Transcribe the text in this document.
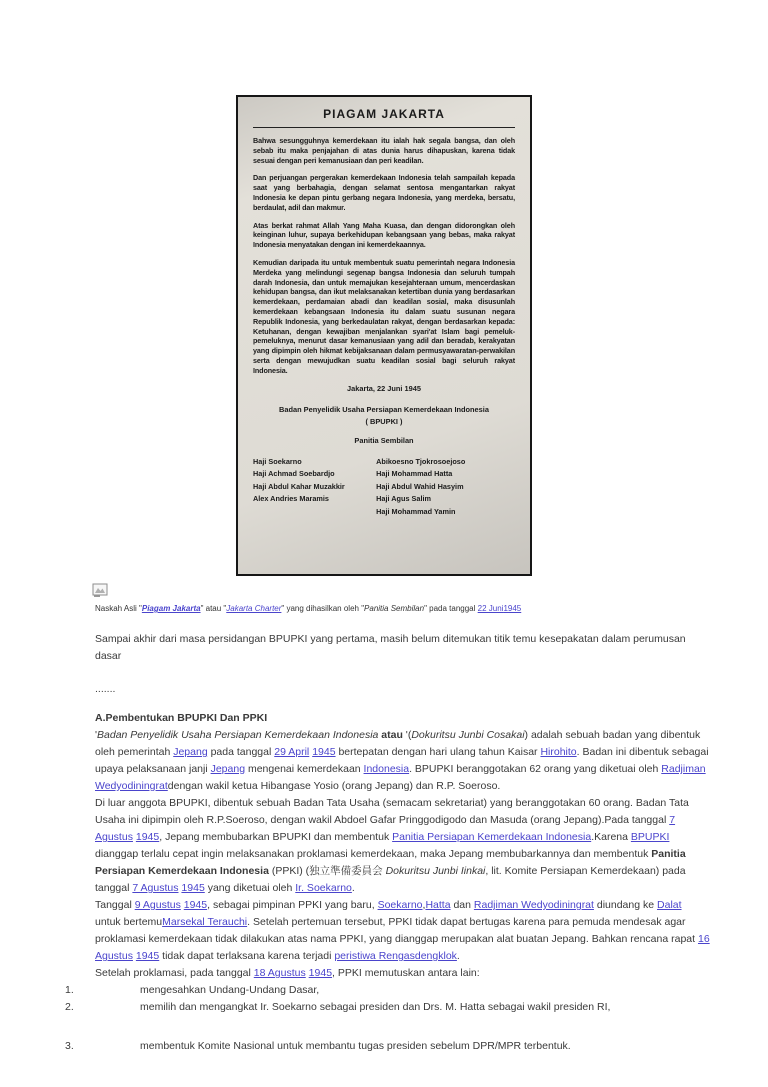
PIAGAM JAKARTA
Bahwa sesungguhnya kemerdekaan itu ialah hak segala bangsa, dan oleh sebab itu maka penjajahan di atas dunia harus dihapuskan, karena tidak sesuai dengan peri kemanusiaan dan peri keadilan.
Dan perjuangan pergerakan kemerdekaan Indonesia telah sampailah kepada saat yang berbahagia, dengan selamat sentosa mengantarkan rakyat Indonesia ke depan pintu gerbang negara Indonesia, yang merdeka, bersatu, berdaulat, adil dan makmur.
Atas berkat rahmat Allah Yang Maha Kuasa, dan dengan didorongkan oleh keinginan luhur, supaya berkehidupan kebangsaan yang bebas, maka rakyat Indonesia menyatakan dengan ini kemerdekaannya.
Kemudian daripada itu untuk membentuk suatu pemerintah negara Indonesia Merdeka yang melindungi segenap bangsa Indonesia dan seluruh tumpah darah Indonesia, dan untuk memajukan kesejahteraan umum, mencerdaskan kehidupan bangsa, dan ikut melaksanakan ketertiban dunia yang berdasarkan kemerdekaan, perdamaian abadi dan keadilan sosial, maka disusunlah kemerdekaan kebangsaan Indonesia itu dalam suatu susunan negara Republik Indonesia, yang berkedaulatan rakyat, dengan berdasarkan kepada: Ketuhanan, dengan kewajiban menjalankan syari'at Islam bagi pemeluk-pemeluknya, menurut dasar kemanusiaan yang adil dan beradab, kerakyatan yang dipimpin oleh hikmat kebijaksanaan dalam permusyawaratan-perwakilan serta dengan mewujudkan suatu keadilan sosial bagi seluruh rakyat Indonesia.
Jakarta, 22 Juni 1945
Badan Penyelidik Usaha Persiapan Kemerdekaan Indonesia
( BPUPKI )
Panitia Sembilan
Haji Soekarno
Haji Achmad Soebardjo
Haji Abdul Kahar Muzakkir
Alex Andries Maramis
Abikoesno Tjokrosoejoso
Haji Mohammad Hatta
Haji Abdul Wahid Hasyim
Haji Agus Salim
Haji Mohammad Yamin
Naskah Asli "Piagam Jakarta" atau "Jakarta Charter" yang dihasilkan oleh "Panitia Sembilan" pada tanggal 22 Juni1945
Sampai akhir dari masa persidangan BPUPKI yang pertama, masih belum ditemukan titik temu kesepakatan dalam perumusan dasar
.......
A.Pembentukan BPUPKI Dan PPKI
'Badan Penyelidik Usaha Persiapan Kemerdekaan Indonesia atau '(Dokuritsu Junbi Cosakai) adalah sebuah badan yang dibentuk oleh pemerintah Jepang pada tanggal 29 April 1945 bertepatan dengan hari ulang tahun Kaisar Hirohito. Badan ini dibentuk sebagai upaya pelaksanaan janji Jepang mengenai kemerdekaan Indonesia. BPUPKI beranggotakan 62 orang yang diketuai oleh Radjiman Wedyodiningratdengan wakil ketua Hibangase Yosio (orang Jepang) dan R.P. Soeroso.
Di luar anggota BPUPKI, dibentuk sebuah Badan Tata Usaha (semacam sekretariat) yang beranggotakan 60 orang. Badan Tata Usaha ini dipimpin oleh R.P.Soeroso, dengan wakil Abdoel Gafar Pringgodigodo dan Masuda (orang Jepang).Pada tanggal 7 Agustus 1945, Jepang membubarkan BPUPKI dan membentuk Panitia Persiapan Kemerdekaan Indonesia.Karena BPUPKI dianggap terlalu cepat ingin melaksanakan proklamasi kemerdekaan, maka Jepang membubarkannya dan membentuk Panitia Persiapan Kemerdekaan Indonesia (PPKI) (独立準備委員会 Dokuritsu Junbi Iinkai, lit. Komite Persiapan Kemerdekaan) pada tanggal 7 Agustus 1945 yang diketuai oleh Ir. Soekarno.
Tanggal 9 Agustus 1945, sebagai pimpinan PPKI yang baru, Soekarno,Hatta dan Radjiman Wedyodiningrat diundang ke Dalat untuk bertemuMarsekal Terauchi. Setelah pertemuan tersebut, PPKI tidak dapat bertugas karena para pemuda mendesak agar proklamasi kemerdekaan tidak dilakukan atas nama PPKI, yang dianggap merupakan alat buatan Jepang. Bahkan rencana rapat 16 Agustus 1945 tidak dapat terlaksana karena terjadi peristiwa Rengasdengklok.
Setelah proklamasi, pada tanggal 18 Agustus 1945, PPKI memutuskan antara lain:
1.	mengesahkan Undang-Undang Dasar,
2.	memilih dan mengangkat Ir. Soekarno sebagai presiden dan Drs. M. Hatta sebagai wakil presiden RI,
3.	membentuk Komite Nasional untuk membantu tugas presiden sebelum DPR/MPR terbentuk.
